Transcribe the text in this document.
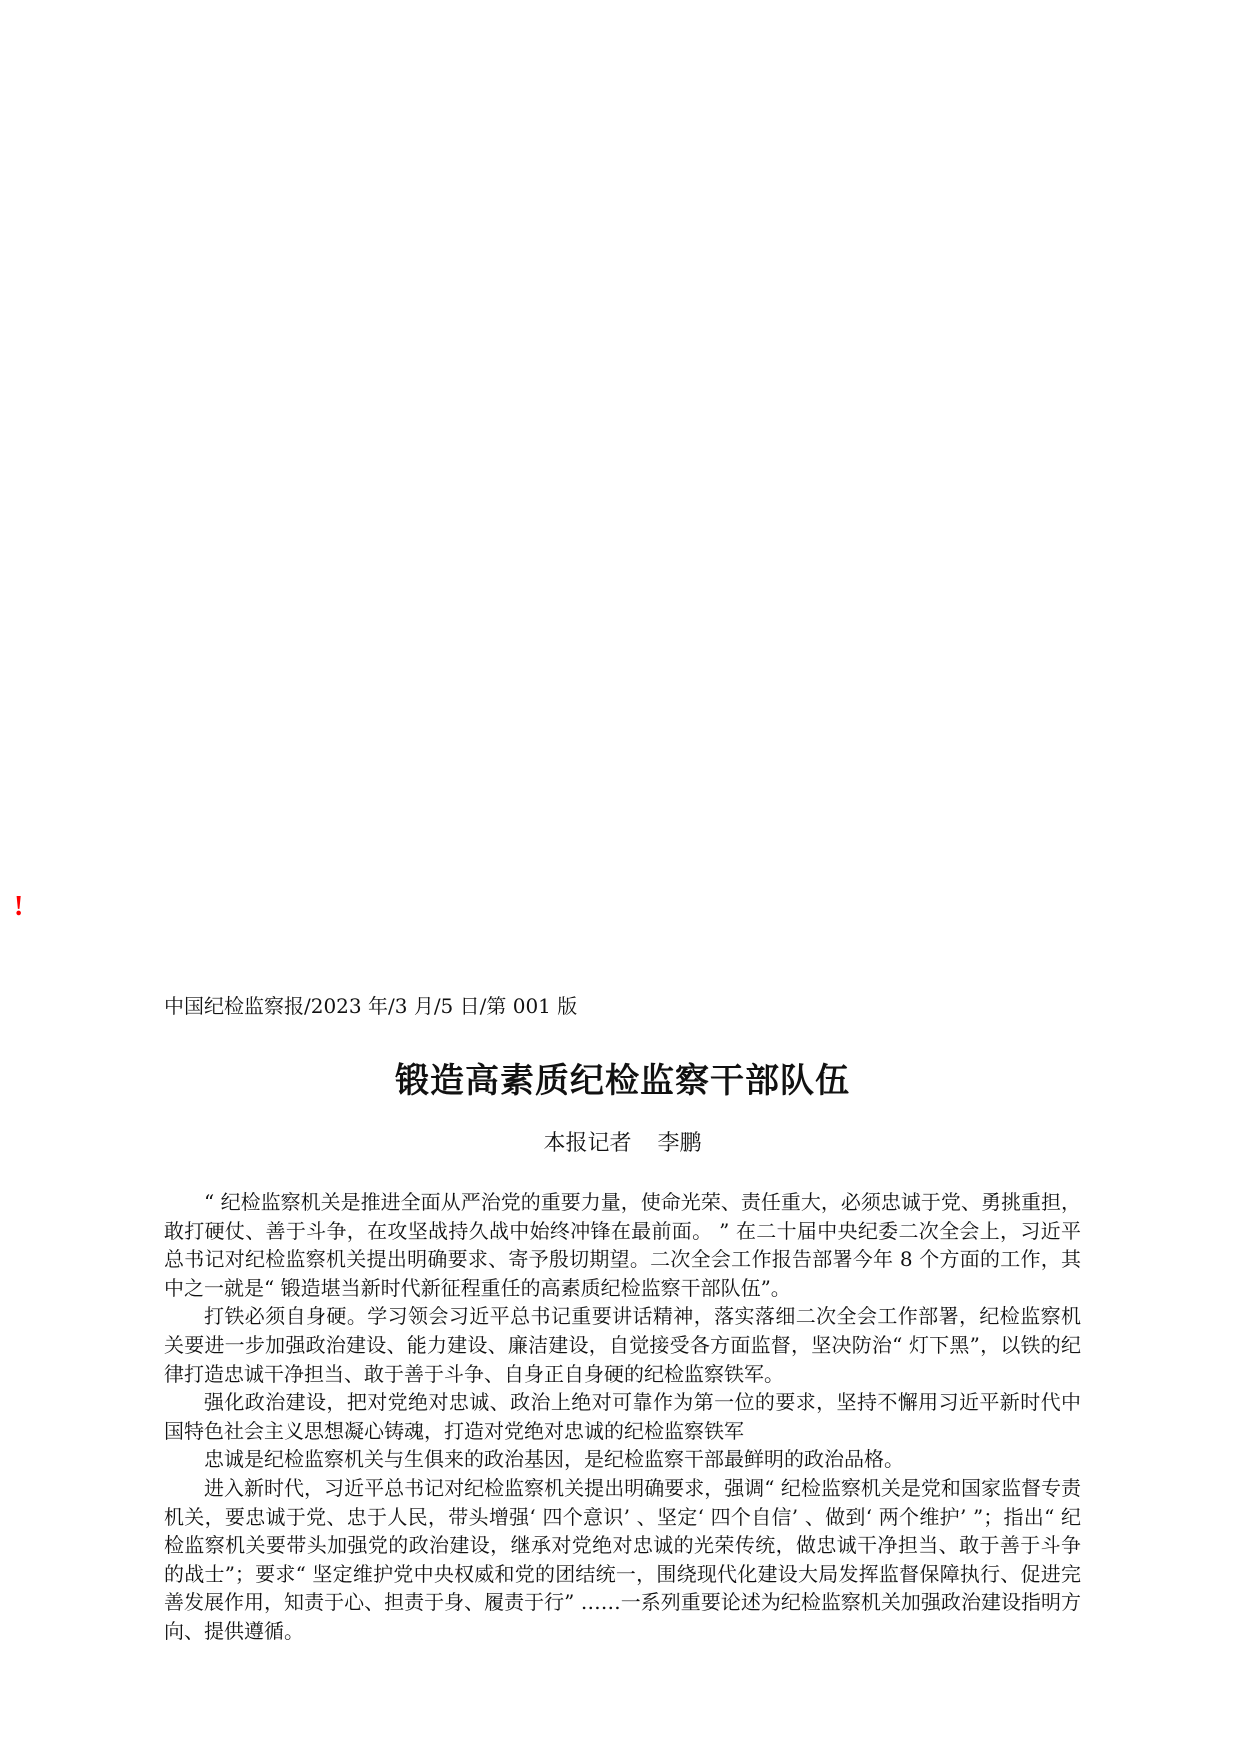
!

中国纪检监察报/2023 年/3 月/5 日/第 001 版

锻造高素质纪检监察干部队伍

本报记者 李鹏

“ 纪检监察机关是推进全面从严治党的重要力量，使命光荣、责任重大，必须忠诚于党、勇挑重担，敢打硬仗、善于斗争，在攻坚战持久战中始终冲锋在最前面。 ” 在二十届中央纪委二次全会上，习近平总书记对纪检监察机关提出明确要求、寄予殷切期望。二次全会工作报告部署今年 8 个方面的工作，其中之一就是“ 锻造堪当新时代新征程重任的高素质纪检监察干部队伍”。

打铁必须自身硬。学习领会习近平总书记重要讲话精神，落实落细二次全会工作部署，纪检监察机关要进一步加强政治建设、能力建设、廉洁建设，自觉接受各方面监督，坚决防治“ 灯下黑”，以铁的纪律打造忠诚干净担当、敢于善于斗争、自身正自身硬的纪检监察铁军。

强化政治建设，把对党绝对忠诚、政治上绝对可靠作为第一位的要求，坚持不懈用习近平新时代中国特色社会主义思想凝心铸魂，打造对党绝对忠诚的纪检监察铁军

忠诚是纪检监察机关与生俱来的政治基因，是纪检监察干部最鲜明的政治品格。

进入新时代，习近平总书记对纪检监察机关提出明确要求，强调“ 纪检监察机关是党和国家监督专责机关，要忠诚于党、忠于人民，带头增强‘ 四个意识’ 、坚定‘ 四个自信’ 、做到‘ 两个维护’ ”；指出“ 纪检监察机关要带头加强党的政治建设，继承对党绝对忠诚的光荣传统，做忠诚干净担当、敢于善于斗争的战士”；要求“ 坚定维护党中央权威和党的团结统一，围绕现代化建设大局发挥监督保障执行、促进完善发展作用，知责于心、担责于身、履责于行” ……一系列重要论述为纪检监察机关加强政治建设指明方向、提供遵循。
